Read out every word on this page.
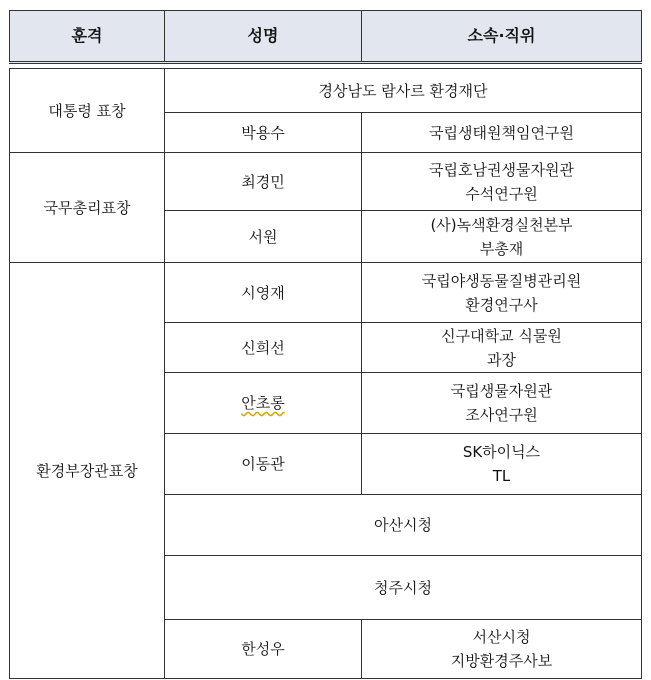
훈격	성명	소속·직위

대통령 표창	경상남도 람사르 환경재단	
	박용수	국립생태원책임연구원
국무총리표창	최경민	국립호남권생물자원관
수석연구원

	서원	(사)녹색환경실천본부
부총재

환경부장관표창	시영재	국립야생동물질병관리원
환경연구사

	신희선	신구대학교 식물원
과장

	안초롱	국립생물자원관
조사연구원

	이동관	SK하이닉스
TL

	아산시청	
	청주시청	
	한성우	서산시청
지방환경주사보
